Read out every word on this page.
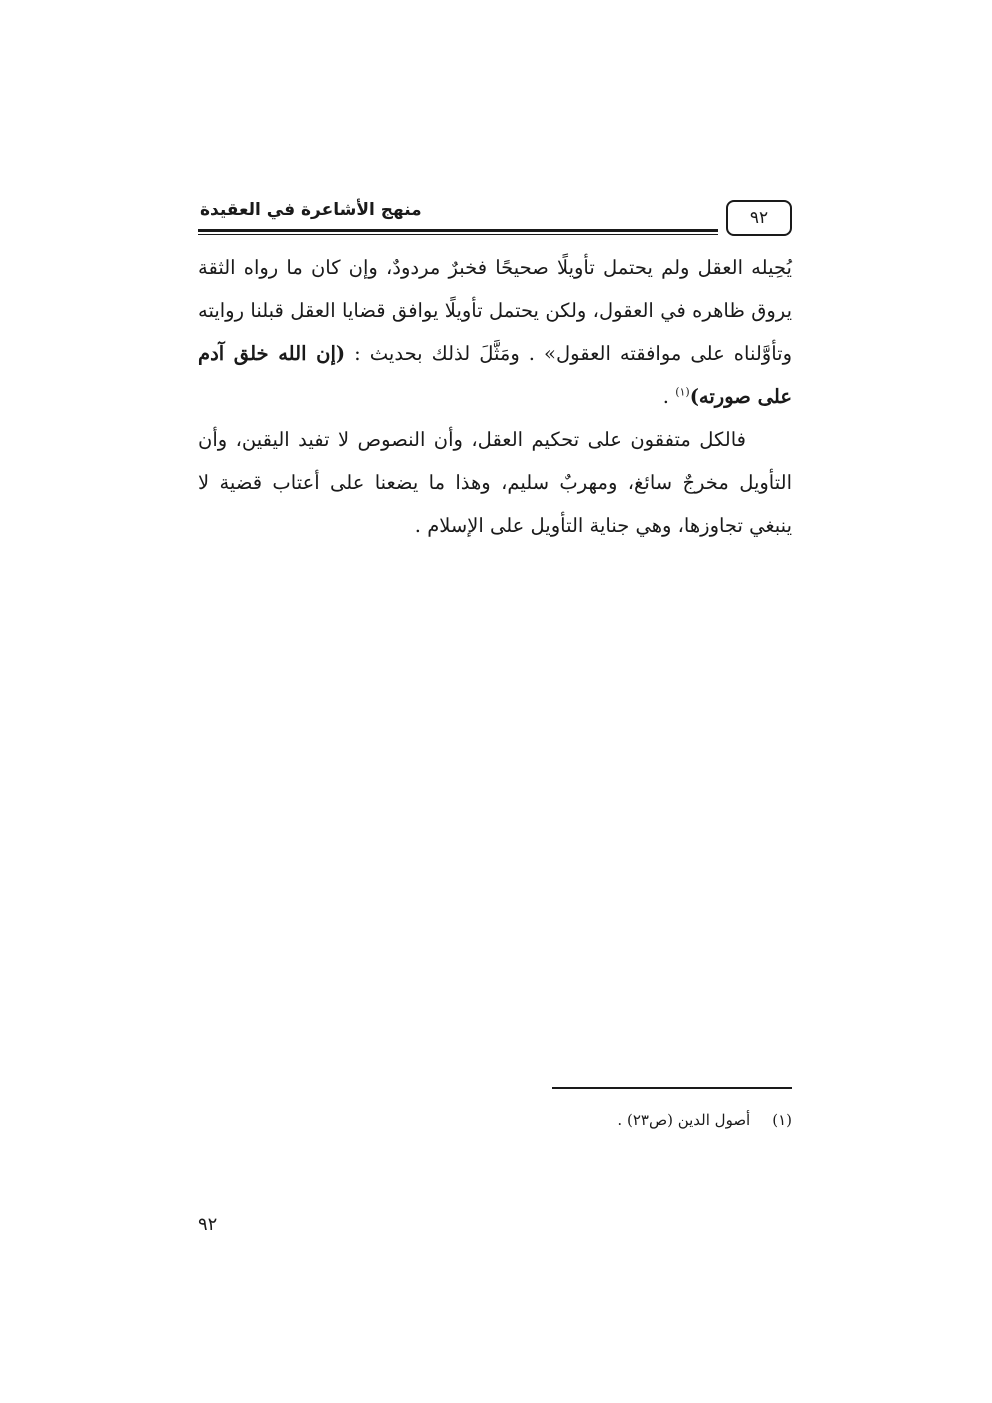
٩٢
منهج الأشاعرة في العقيدة

يُحِيله العقل ولم يحتمل تأويلًا صحيحًا فخبرٌ مردودٌ، وإن كان ما رواه الثقة يروق ظاهره في العقول، ولكن يحتمل تأويلًا يوافق قضايا العقل قبلنا روايته وتأوَّلناه على موافقته العقول» . ومَثَّلَ لذلك بحديث : (إن الله خلق آدم على صورته)$^{(١)}$ .

فالكل متفقون على تحكيم العقل، وأن النصوص لا تفيد اليقين، وأن التأويل مخرجٌ سائغ، ومهربٌ سليم، وهذا ما يضعنا على أعتاب قضية لا ينبغي تجاوزها، وهي جناية التأويل على الإسلام .

(١)أصول الدين (ص٢٣) .
٩٢
